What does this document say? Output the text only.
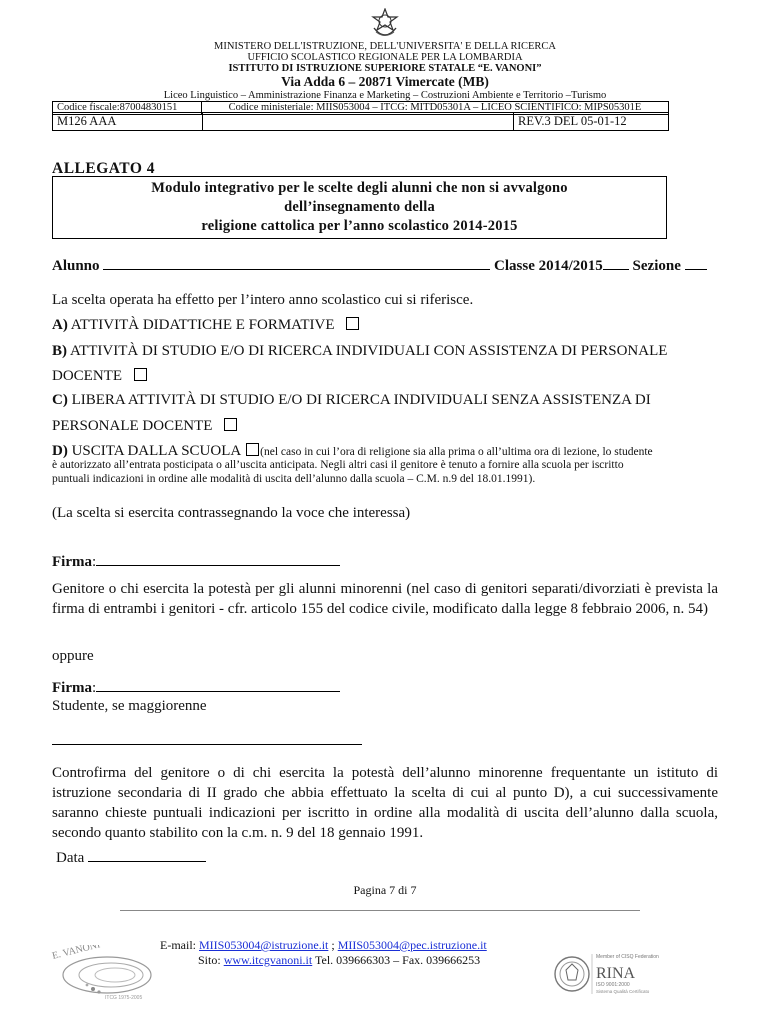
MINISTERO DELL'ISTRUZIONE, DELL'UNIVERSITA' E DELLA RICERCA
UFFICIO SCOLASTICO REGIONALE PER LA LOMBARDIA
ISTITUTO DI ISTRUZIONE SUPERIORE STATALE “E. VANONI”
Via Adda 6 – 20871 Vimercate (MB)
Liceo Linguistico – Amministrazione Finanza e Marketing – Costruzioni Ambiente e Territorio –Turismo
Codice fiscale:87004830151	Codice ministeriale: MIIS053004 – ITCG: MITD05301A – LICEO SCIENTIFICO: MIPS05301E
M126 AAA		REV.3 DEL 05-01-12
ALLEGATO 4
Modulo integrativo per le scelte degli alunni che non si avvalgono
dell’insegnamento della
religione cattolica per l’anno scolastico 2014-2015
Alunno	Classe 2014/2015 Sezione
La scelta operata ha effetto per l’intero anno scolastico cui si riferisce.
A) ATTIVITÀ DIDATTICHE E FORMATIVE
B) ATTIVITÀ DI STUDIO E/O DI RICERCA INDIVIDUALI CON ASSISTENZA DI PERSONALE
DOCENTE
C) LIBERA ATTIVITÀ DI STUDIO E/O DI RICERCA INDIVIDUALI SENZA ASSISTENZA DI
PERSONALE DOCENTE
D) USCITA DALLA SCUOLA (nel caso in cui l’ora di religione sia alla prima o all’ultima ora di lezione, lo studente
è autorizzato all’entrata posticipata o all’uscita anticipata. Negli altri casi il genitore è tenuto a fornire alla scuola per iscritto
puntuali indicazioni in ordine alle modalità di uscita dell’alunno dalla scuola – C.M. n.9 del 18.01.1991).
(La scelta si esercita contrassegnando la voce che interessa)
Firma:
Genitore o chi esercita la potestà per gli alunni minorenni (nel caso di genitori separati/divorziati è prevista la firma di entrambi i genitori - cfr. articolo 155 del codice civile, modificato dalla legge 8 febbraio 2006, n. 54)
oppure
Firma:
Studente, se maggiorenne
Controfirma del genitore o di chi esercita la potestà dell’alunno minorenne frequentante un istituto di istruzione secondaria di II grado che abbia effettuato la scelta di cui al punto D), a cui successivamente saranno chieste puntuali indicazioni per iscritto in ordine alla modalità di uscita dell’alunno dalla scuola, secondo quanto stabilito con la c.m. n. 9 del 18 gennaio 1991.
Data
Pagina 7 di 7
E-mail: MIIS053004@istruzione.it ; MIIS053004@pec.istruzione.it
Sito: www.itcgvanoni.it Tel. 039666303 – Fax. 039666253
E. VANONI
ITCG 1975-2005
Member of CISQ Federation
RINA
ISO 9001:2000
Sistema Qualità Certificato
